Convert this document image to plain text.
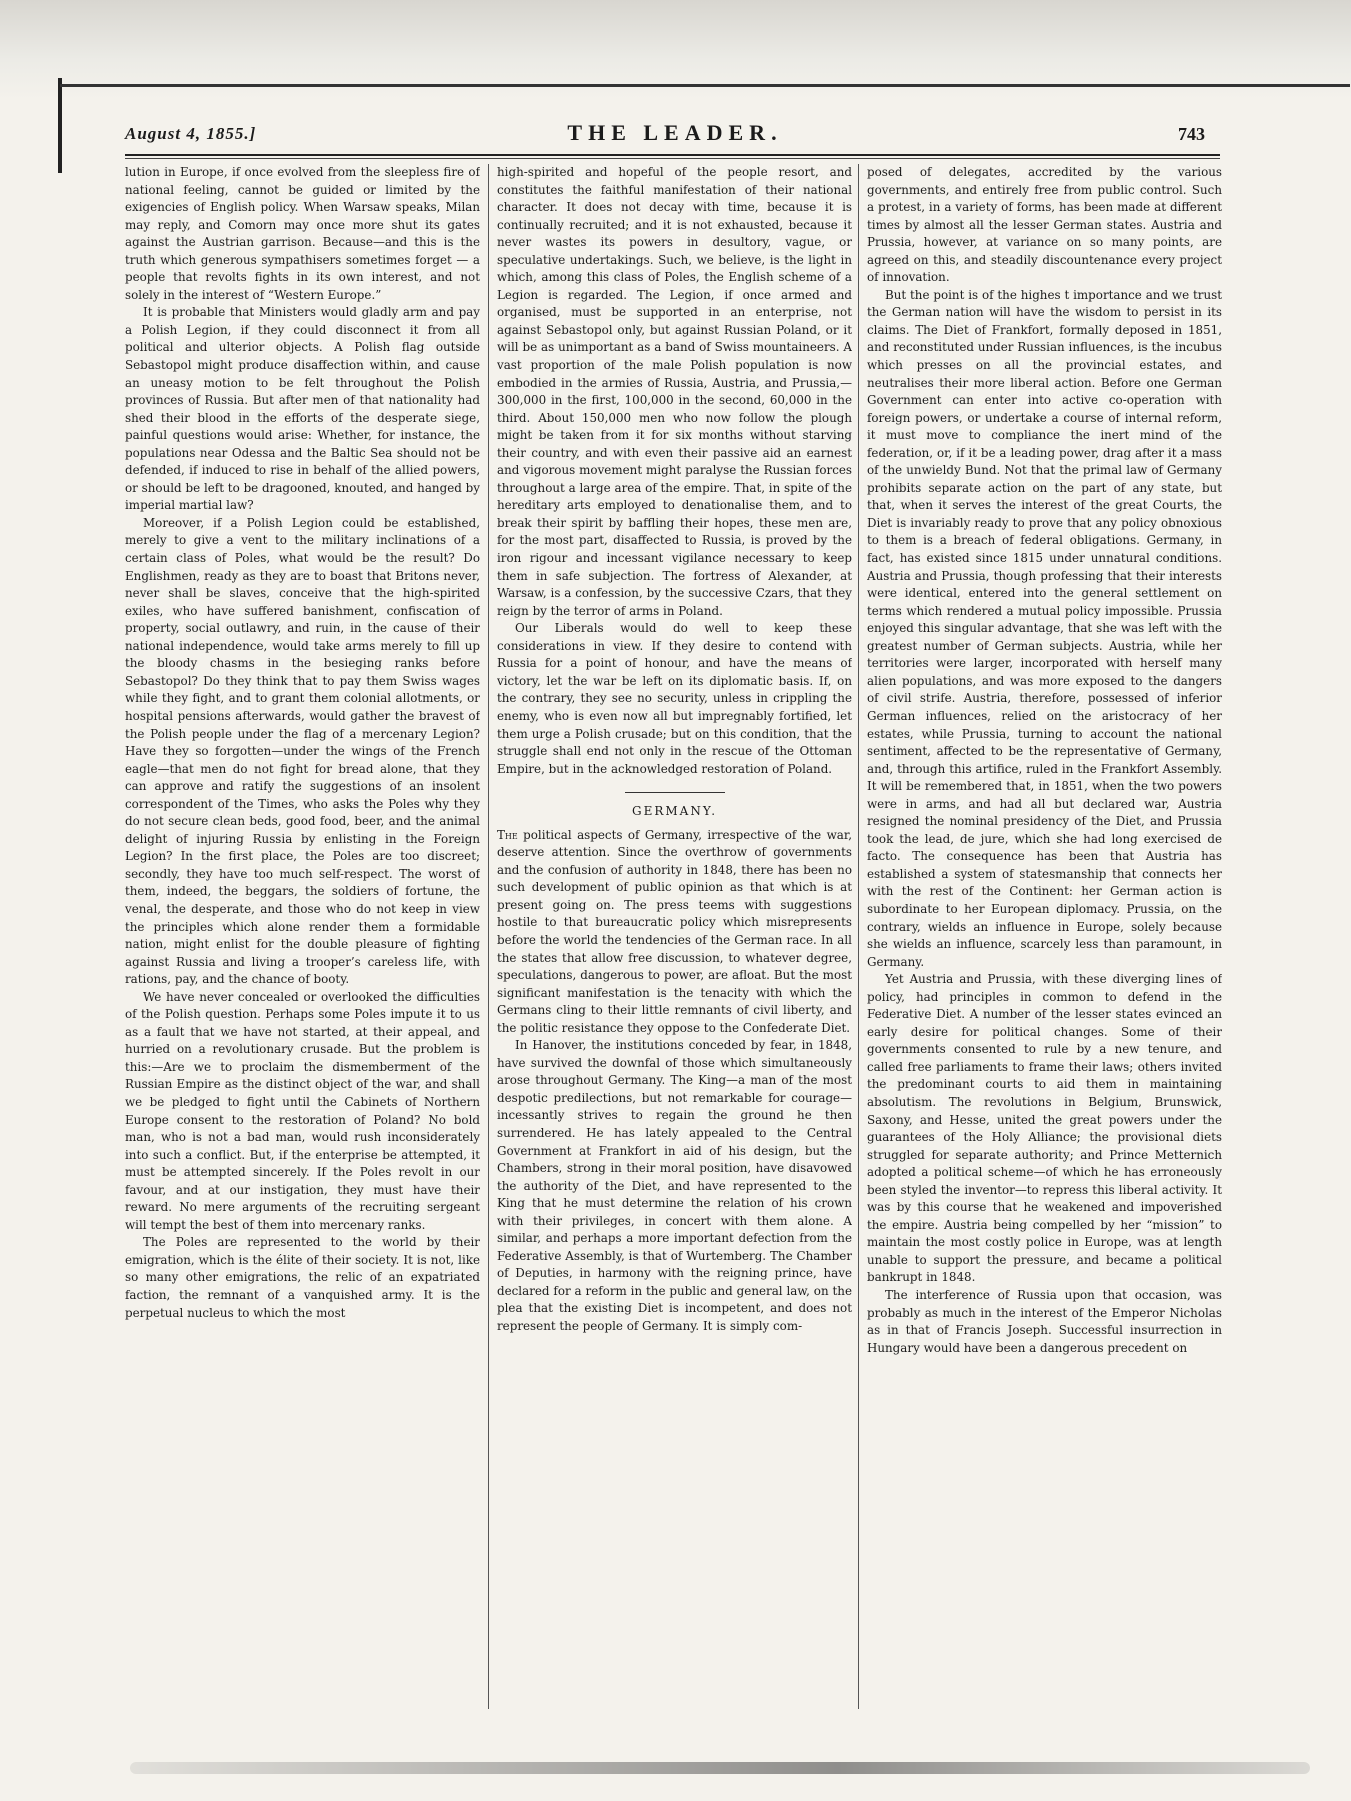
August 4, 1855.]	THE LEADER.	743

lution in Europe, if once evolved from the sleepless fire of national feeling, cannot be guided or limited by the exigencies of English policy. When Warsaw speaks, Milan may reply, and Comorn may once more shut its gates against the Austrian garrison. Because—and this is the truth which generous sympathisers sometimes forget — a people that revolts fights in its own interest, and not solely in the interest of “Western Europe.”

It is probable that Ministers would gladly arm and pay a Polish Legion, if they could disconnect it from all political and ulterior objects. A Polish flag outside Sebastopol might produce disaffection within, and cause an uneasy motion to be felt throughout the Polish provinces of Russia. But after men of that nationality had shed their blood in the efforts of the desperate siege, painful questions would arise: Whether, for instance, the populations near Odessa and the Baltic Sea should not be defended, if induced to rise in behalf of the allied powers, or should be left to be dragooned, knouted, and hanged by imperial martial law?

Moreover, if a Polish Legion could be established, merely to give a vent to the military inclinations of a certain class of Poles, what would be the result? Do Englishmen, ready as they are to boast that Britons never, never shall be slaves, conceive that the high-spirited exiles, who have suffered banishment, confiscation of property, social outlawry, and ruin, in the cause of their national independence, would take arms merely to fill up the bloody chasms in the besieging ranks before Sebastopol? Do they think that to pay them Swiss wages while they fight, and to grant them colonial allotments, or hospital pensions afterwards, would gather the bravest of the Polish people under the flag of a mercenary Legion? Have they so forgotten—under the wings of the French eagle—that men do not fight for bread alone, that they can approve and ratify the suggestions of an insolent correspondent of the Times, who asks the Poles why they do not secure clean beds, good food, beer, and the animal delight of injuring Russia by enlisting in the Foreign Legion? In the first place, the Poles are too discreet; secondly, they have too much self-respect. The worst of them, indeed, the beggars, the soldiers of fortune, the venal, the desperate, and those who do not keep in view the principles which alone render them a formidable nation, might enlist for the double pleasure of fighting against Russia and living a trooper’s careless life, with rations, pay, and the chance of booty.

We have never concealed or overlooked the difficulties of the Polish question. Perhaps some Poles impute it to us as a fault that we have not started, at their appeal, and hurried on a revolutionary crusade. But the problem is this:—Are we to proclaim the dismemberment of the Russian Empire as the distinct object of the war, and shall we be pledged to fight until the Cabinets of Northern Europe consent to the restoration of Poland? No bold man, who is not a bad man, would rush inconsiderately into such a conflict. But, if the enterprise be attempted, it must be attempted sincerely. If the Poles revolt in our favour, and at our instigation, they must have their reward. No mere arguments of the recruiting sergeant will tempt the best of them into mercenary ranks.

The Poles are represented to the world by their emigration, which is the élite of their society. It is not, like so many other emigrations, the relic of an expatriated faction, the remnant of a vanquished army. It is the perpetual nucleus to which the most

high-spirited and hopeful of the people resort, and constitutes the faithful manifestation of their national character. It does not decay with time, because it is continually recruited; and it is not exhausted, because it never wastes its powers in desultory, vague, or speculative undertakings. Such, we believe, is the light in which, among this class of Poles, the English scheme of a Legion is regarded. The Legion, if once armed and organised, must be supported in an enterprise, not against Sebastopol only, but against Russian Poland, or it will be as unimportant as a band of Swiss mountaineers. A vast proportion of the male Polish population is now embodied in the armies of Russia, Austria, and Prussia,—300,000 in the first, 100,000 in the second, 60,000 in the third. About 150,000 men who now follow the plough might be taken from it for six months without starving their country, and with even their passive aid an earnest and vigorous movement might paralyse the Russian forces throughout a large area of the empire. That, in spite of the hereditary arts employed to denationalise them, and to break their spirit by baffling their hopes, these men are, for the most part, disaffected to Russia, is proved by the iron rigour and incessant vigilance necessary to keep them in safe subjection. The fortress of Alexander, at Warsaw, is a confession, by the successive Czars, that they reign by the terror of arms in Poland.

Our Liberals would do well to keep these considerations in view. If they desire to contend with Russia for a point of honour, and have the means of victory, let the war be left on its diplomatic basis. If, on the contrary, they see no security, unless in crippling the enemy, who is even now all but impregnably fortified, let them urge a Polish crusade; but on this condition, that the struggle shall end not only in the rescue of the Ottoman Empire, but in the acknowledged restoration of Poland.

GERMANY.

The political aspects of Germany, irrespective of the war, deserve attention. Since the overthrow of governments and the confusion of authority in 1848, there has been no such development of public opinion as that which is at present going on. The press teems with suggestions hostile to that bureaucratic policy which misrepresents before the world the tendencies of the German race. In all the states that allow free discussion, to whatever degree, speculations, dangerous to power, are afloat. But the most significant manifestation is the tenacity with which the Germans cling to their little remnants of civil liberty, and the politic resistance they oppose to the Confederate Diet.

In Hanover, the institutions conceded by fear, in 1848, have survived the downfal of those which simultaneously arose throughout Germany. The King—a man of the most despotic predilections, but not remarkable for courage—incessantly strives to regain the ground he then surrendered. He has lately appealed to the Central Government at Frankfort in aid of his design, but the Chambers, strong in their moral position, have disavowed the authority of the Diet, and have represented to the King that he must determine the relation of his crown with their privileges, in concert with them alone. A similar, and perhaps a more important defection from the Federative Assembly, is that of Wurtemberg. The Chamber of Deputies, in harmony with the reigning prince, have declared for a reform in the public and general law, on the plea that the existing Diet is incompetent, and does not represent the people of Germany. It is simply com-

posed of delegates, accredited by the various governments, and entirely free from public control. Such a protest, in a variety of forms, has been made at different times by almost all the lesser German states. Austria and Prussia, however, at variance on so many points, are agreed on this, and steadily discountenance every project of innovation.

But the point is of the highes t importance and we trust the German nation will have the wisdom to persist in its claims. The Diet of Frankfort, formally deposed in 1851, and reconstituted under Russian influences, is the incubus which presses on all the provincial estates, and neutralises their more liberal action. Before one German Government can enter into active co-operation with foreign powers, or undertake a course of internal reform, it must move to compliance the inert mind of the federation, or, if it be a leading power, drag after it a mass of the unwieldy Bund. Not that the primal law of Germany prohibits separate action on the part of any state, but that, when it serves the interest of the great Courts, the Diet is invariably ready to prove that any policy obnoxious to them is a breach of federal obligations. Germany, in fact, has existed since 1815 under unnatural conditions. Austria and Prussia, though professing that their interests were identical, entered into the general settlement on terms which rendered a mutual policy impossible. Prussia enjoyed this singular advantage, that she was left with the greatest number of German subjects. Austria, while her territories were larger, incorporated with herself many alien populations, and was more exposed to the dangers of civil strife. Austria, therefore, possessed of inferior German influences, relied on the aristocracy of her estates, while Prussia, turning to account the national sentiment, affected to be the representative of Germany, and, through this artifice, ruled in the Frankfort Assembly. It will be remembered that, in 1851, when the two powers were in arms, and had all but declared war, Austria resigned the nominal presidency of the Diet, and Prussia took the lead, de jure, which she had long exercised de facto. The consequence has been that Austria has established a system of statesmanship that connects her with the rest of the Continent: her German action is subordinate to her European diplomacy. Prussia, on the contrary, wields an influence in Europe, solely because she wields an influence, scarcely less than paramount, in Germany.

Yet Austria and Prussia, with these diverging lines of policy, had principles in common to defend in the Federative Diet. A number of the lesser states evinced an early desire for political changes. Some of their governments consented to rule by a new tenure, and called free parliaments to frame their laws; others invited the predominant courts to aid them in maintaining absolutism. The revolutions in Belgium, Brunswick, Saxony, and Hesse, united the great powers under the guarantees of the Holy Alliance; the provisional diets struggled for separate authority; and Prince Metternich adopted a political scheme—of which he has erroneously been styled the inventor—to repress this liberal activity. It was by this course that he weakened and impoverished the empire. Austria being compelled by her “mission” to maintain the most costly police in Europe, was at length unable to support the pressure, and became a political bankrupt in 1848.

The interference of Russia upon that occasion, was probably as much in the interest of the Emperor Nicholas as in that of Francis Joseph. Successful insurrection in Hungary would have been a dangerous precedent on
